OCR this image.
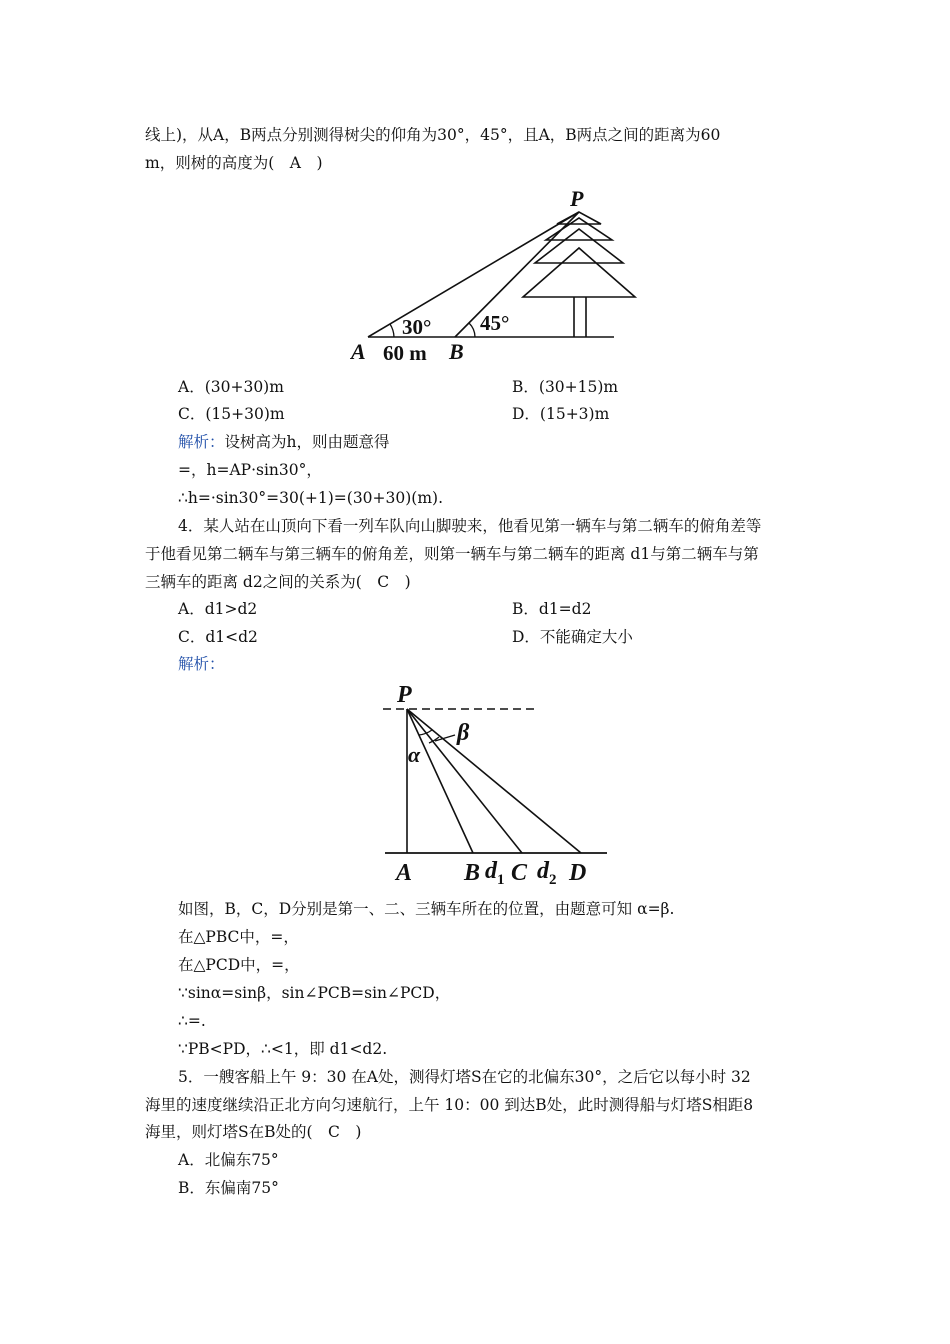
线上)，从A，B两点分别测得树尖的仰角为30°，45°，且A，B两点之间的距离为60
m，则树的高度为(　A　)
P
A	B
30° 45°
60 m
A．(30+30)m	B．(30+15)m
C．(15+30)m	D．(15+3)m
解析：设树高为h，则由题意得
=，h=AP·sin30°，
∴h=·sin30°=30(+1)=(30+30)(m).
4．某人站在山顶向下看一列车队向山脚驶来，他看见第一辆车与第二辆车的俯角差等
于他看见第二辆车与第三辆车的俯角差，则第一辆车与第二辆车的距离 d1与第二辆车与第
三辆车的距离 d2之间的关系为(　C　)
A．d1>d2	B．d1=d2
C．d1<d2	D．不能确定大小
解析：
P
α
β
A B $d_1$ C $d_2$ D
如图，B，C，D分别是第一、二、三辆车所在的位置，由题意可知 α=β.
在△PBC中，=，
在△PCD中，=，
∵sinα=sinβ，sin∠PCB=sin∠PCD，
∴=.
∵PB<PD，∴<1，即 d1<d2.
5．一艘客船上午 9：30 在A处，测得灯塔S在它的北偏东30°，之后它以每小时 32
海里的速度继续沿正北方向匀速航行，上午 10：00 到达B处，此时测得船与灯塔S相距8
海里，则灯塔S在B处的(　C　)
A．北偏东75°
B．东偏南75°
